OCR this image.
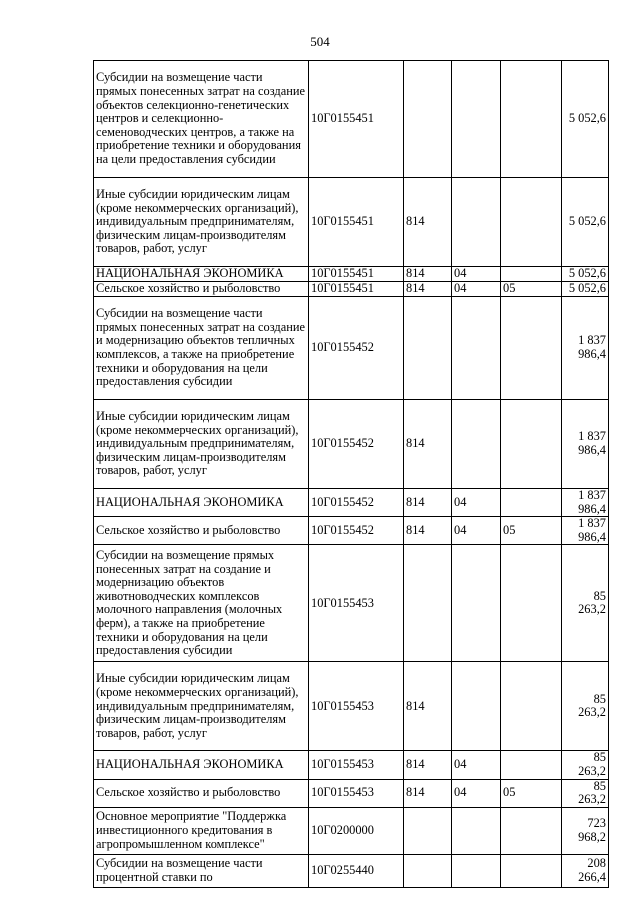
504
Субсидии на возмещение части прямых понесенных затрат на создание объектов селекционно-генетических центров и селекционно-семеноводческих центров, а также на приобретение техники и оборудования на цели предоставления субсидии	10Г0155451				5 052,6
Иные субсидии юридическим лицам (кроме некоммерческих организаций), индивидуальным предпринимателям, физическим лицам-производителям товаров, работ, услуг	10Г0155451	814			5 052,6
НАЦИОНАЛЬНАЯ ЭКОНОМИКА	10Г0155451	814	04		5 052,6
Сельское хозяйство и рыболовство	10Г0155451	814	04	05	5 052,6
Субсидии на возмещение части прямых понесенных затрат на создание и модернизацию объектов тепличных комплексов, а также на приобретение техники и оборудования на цели предоставления субсидии	10Г0155452				1 837 986,4
Иные субсидии юридическим лицам (кроме некоммерческих организаций), индивидуальным предпринимателям, физическим лицам-производителям товаров, работ, услуг	10Г0155452	814			1 837 986,4
НАЦИОНАЛЬНАЯ ЭКОНОМИКА	10Г0155452	814	04		1 837 986,4
Сельское хозяйство и рыболовство	10Г0155452	814	04	05	1 837 986,4
Субсидии на возмещение прямых понесенных затрат на создание и модернизацию объектов животноводческих комплексов молочного направления (молочных ферм), а также на приобретение техники и оборудования на цели предоставления субсидии	10Г0155453				85 263,2
Иные субсидии юридическим лицам (кроме некоммерческих организаций), индивидуальным предпринимателям, физическим лицам-производителям товаров, работ, услуг	10Г0155453	814			85 263,2
НАЦИОНАЛЬНАЯ ЭКОНОМИКА	10Г0155453	814	04		85 263,2
Сельское хозяйство и рыболовство	10Г0155453	814	04	05	85 263,2
Основное мероприятие "Поддержка инвестиционного кредитования в агропромышленном комплексе"	10Г0200000				723 968,2
Субсидии на возмещение части процентной ставки по	10Г0255440				208 266,4
